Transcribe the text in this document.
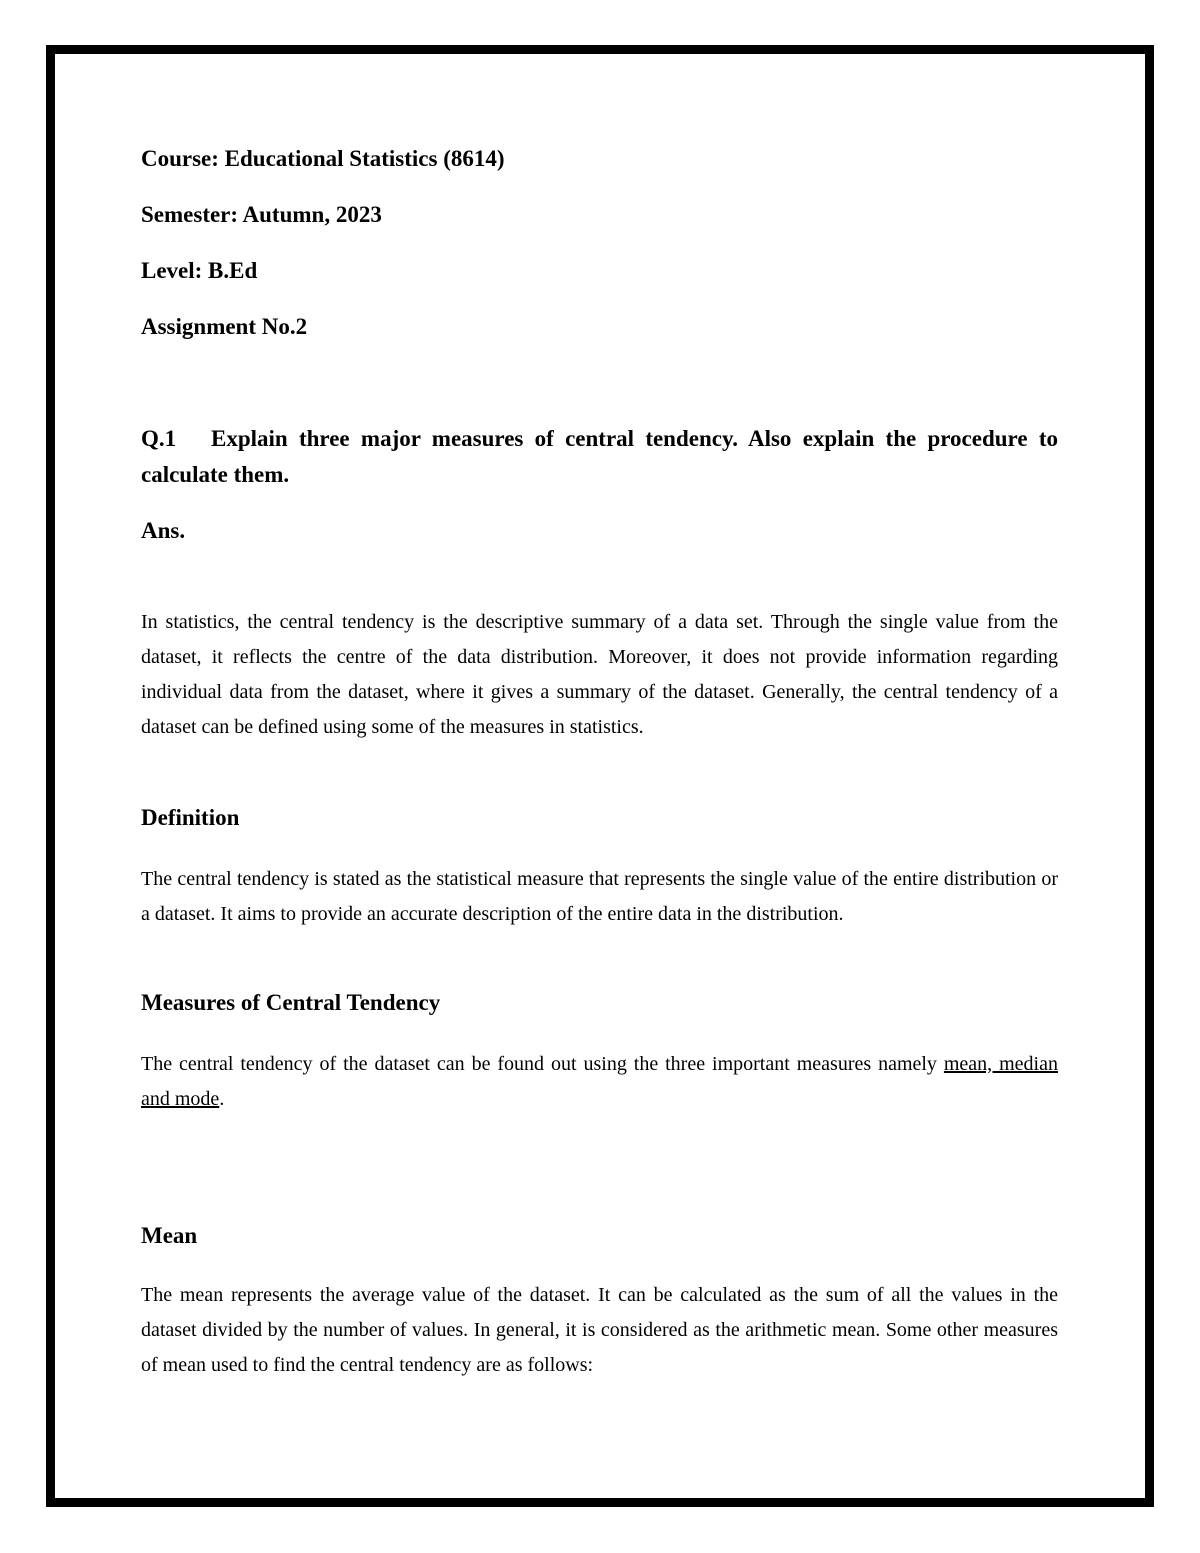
Course: Educational Statistics (8614)
Semester: Autumn, 2023
Level: B.Ed
Assignment No.2
Q.1 Explain three major measures of central tendency. Also explain the procedure to calculate them.
Ans.

In statistics, the central tendency is the descriptive summary of a data set. Through the single value from the dataset, it reflects the centre of the data distribution. Moreover, it does not provide information regarding individual data from the dataset, where it gives a summary of the dataset. Generally, the central tendency of a dataset can be defined using some of the measures in statistics.

Definition

The central tendency is stated as the statistical measure that represents the single value of the entire distribution or a dataset. It aims to provide an accurate description of the entire data in the distribution.

Measures of Central Tendency

The central tendency of the dataset can be found out using the three important measures namely mean, median and mode.

Mean

The mean represents the average value of the dataset. It can be calculated as the sum of all the values in the dataset divided by the number of values. In general, it is considered as the arithmetic mean. Some other measures of mean used to find the central tendency are as follows:
